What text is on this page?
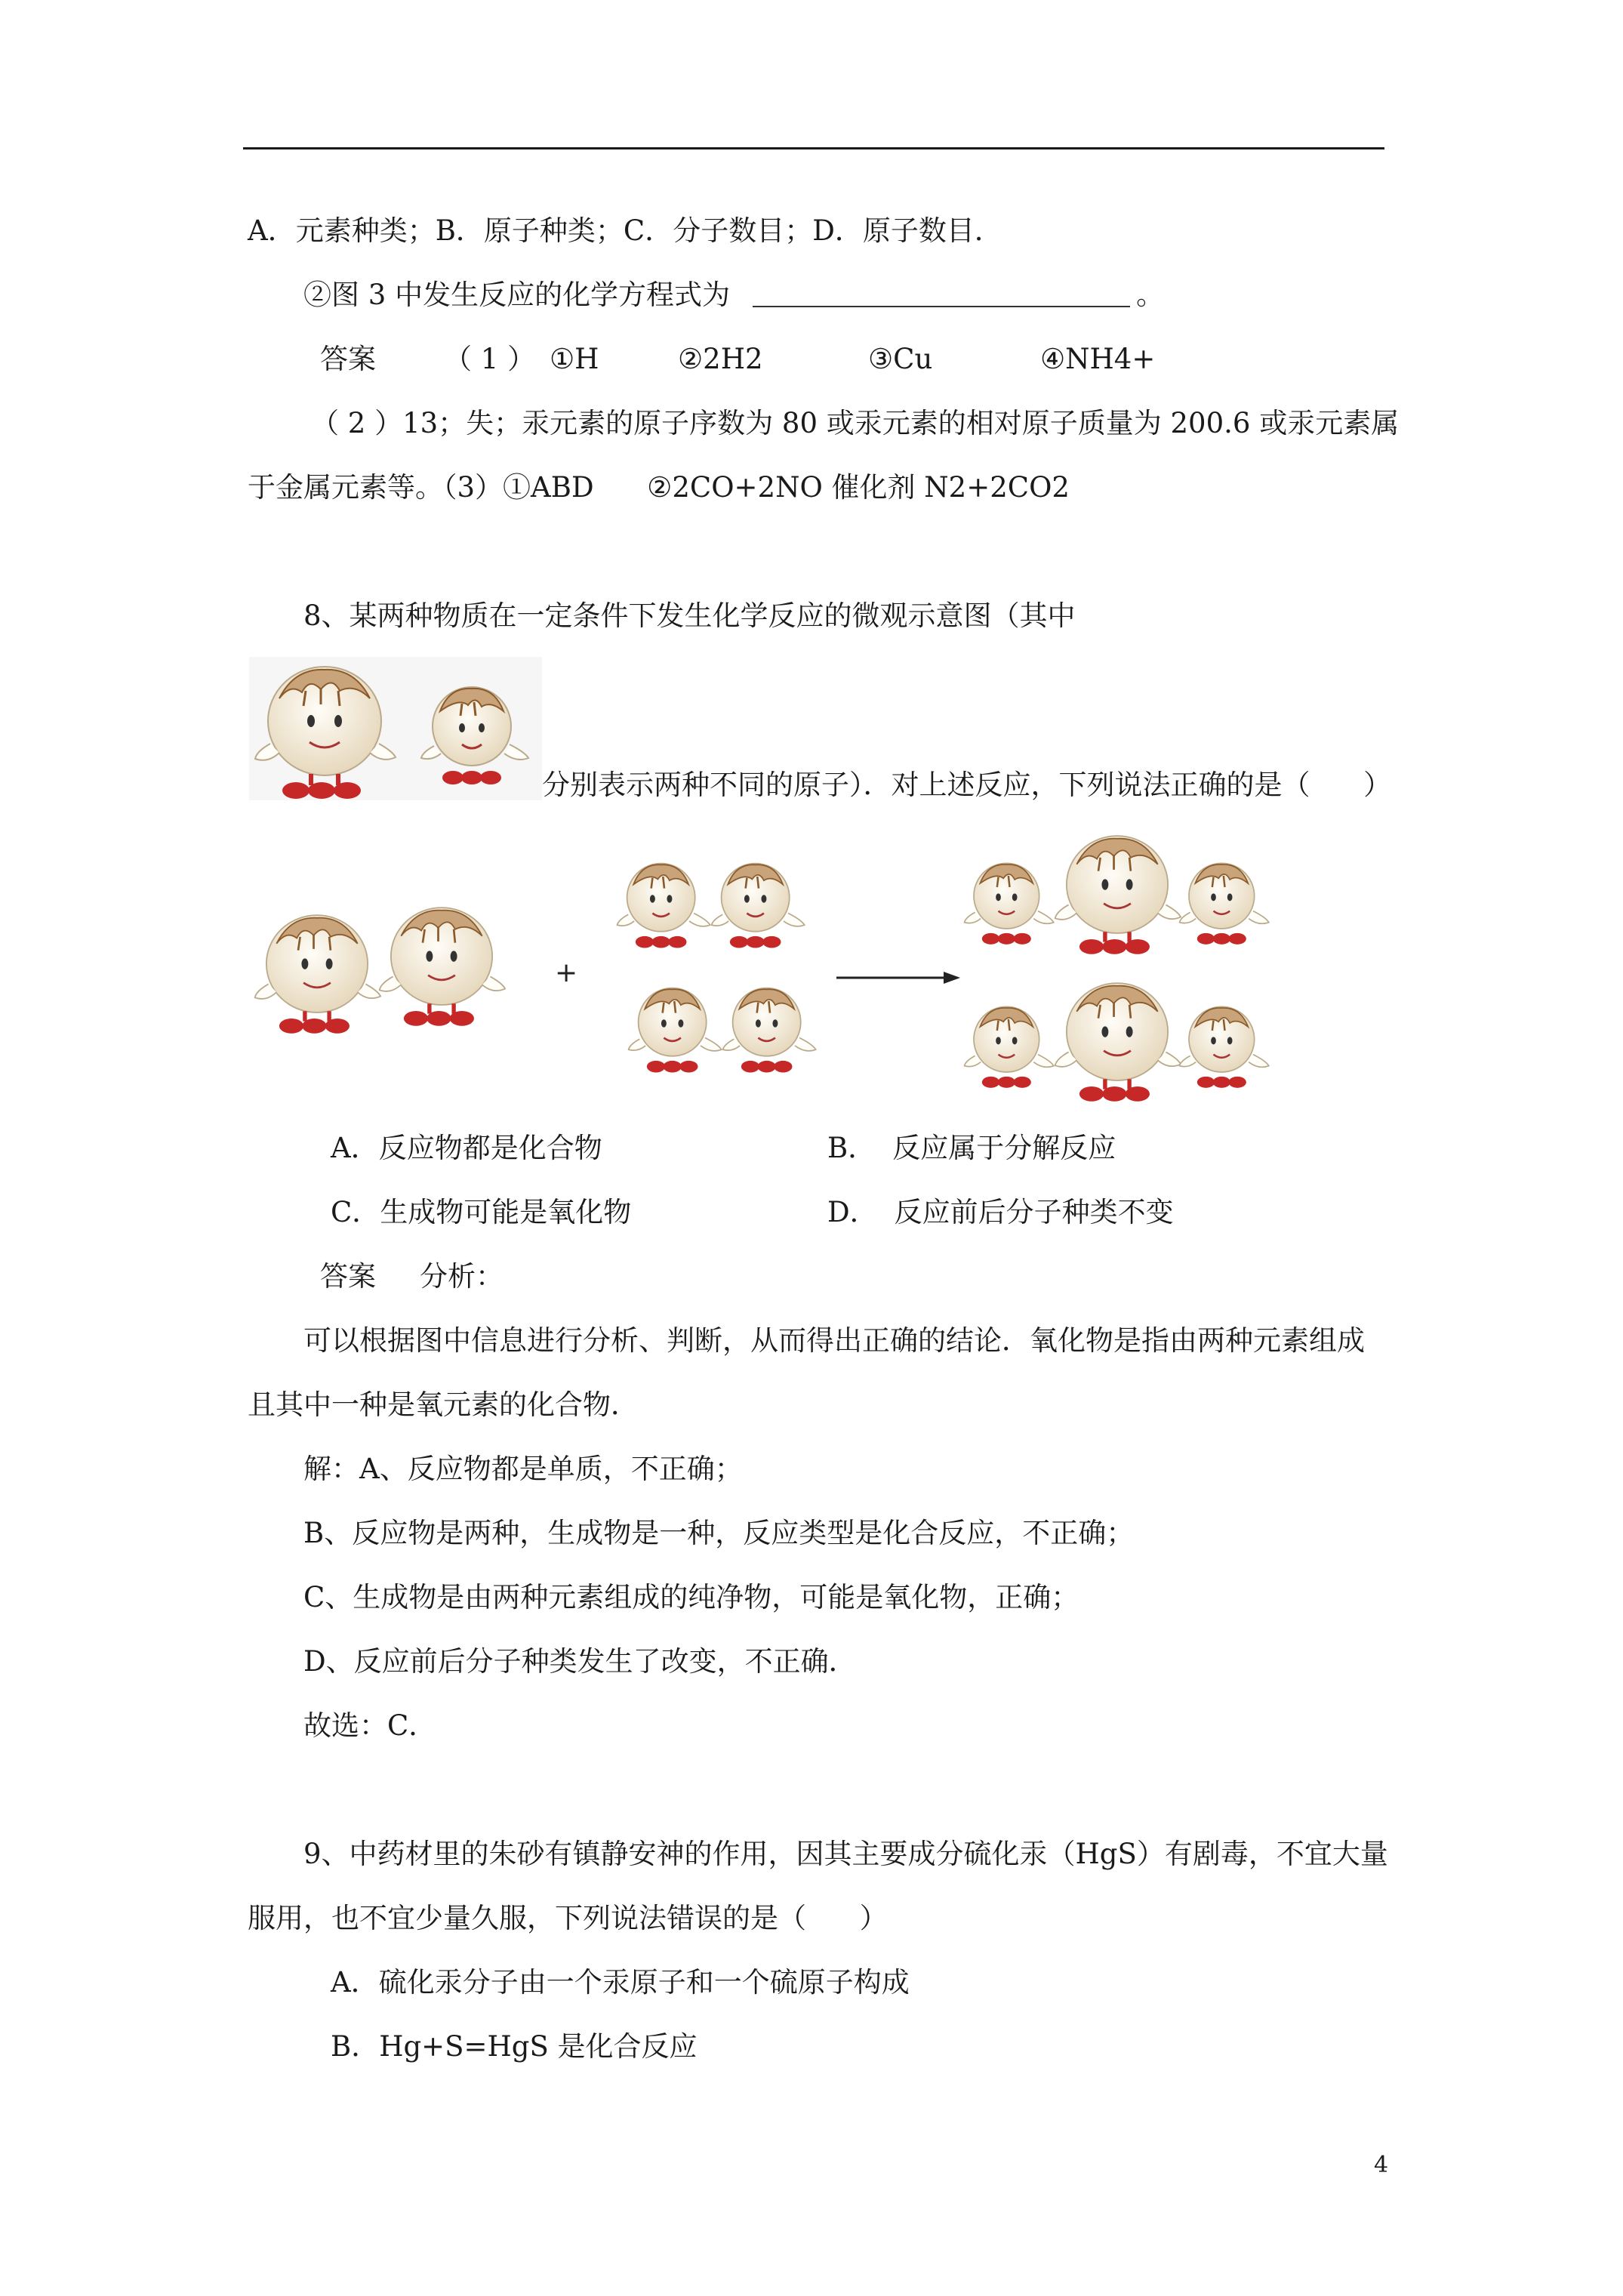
A．元素种类；B．原子种类；C．分子数目；D．原子数目．
②图 3 中发生反应的化学方程式为	。
答案 （ 1 ） ①H	②2H2	③Cu	④NH4+
（ 2 ）13；失；汞元素的原子序数为 80 或汞元素的相对原子质量为 200.6 或汞元素属
于金属元素等。（3）①ABD      ②2CO+2NO 催化剂 N2+2CO2
8、某两种物质在一定条件下发生化学反应的微观示意图（其中
分别表示两种不同的原子）．对上述反应，下列说法正确的是（      ）
+
A．反应物都是化合物	B． 反应属于分解反应
C．生成物可能是氧化物	D． 反应前后分子种类不变
答案 分析：
可以根据图中信息进行分析、判断，从而得出正确的结论．氧化物是指由两种元素组成
且其中一种是氧元素的化合物．
解：A、反应物都是单质，不正确；
B、反应物是两种，生成物是一种，反应类型是化合反应，不正确；
C、生成物是由两种元素组成的纯净物，可能是氧化物，正确；
D、反应前后分子种类发生了改变，不正确．
故选：C．
9、中药材里的朱砂有镇静安神的作用，因其主要成分硫化汞（HgS）有剧毒，不宜大量
服用，也不宜少量久服，下列说法错误的是（      ）
A．硫化汞分子由一个汞原子和一个硫原子构成
B．Hg+S=HgS 是化合反应
4
